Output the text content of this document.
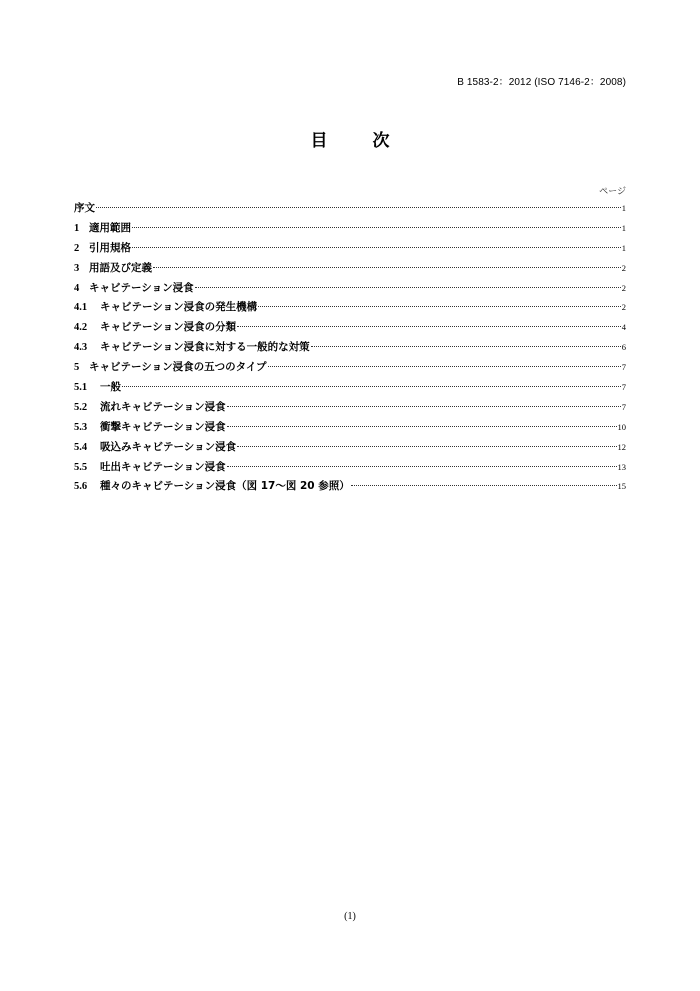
B 1583-2：2012 (ISO 7146-2：2008)
目　次
ページ
序文	1
1 適用範囲	1
2 引用規格	1
3 用語及び定義	2
4 キャビテーション浸食	2
4.1	キャビテーション浸食の発生機構	2
4.2	キャビテーション浸食の分類	4
4.3	キャビテーション浸食に対する一般的な対策	6
5 キャビテーション浸食の五つのタイプ	7
5.1	一般	7
5.2	流れキャビテーション浸食	7
5.3	衝撃キャビテーション浸食	10
5.4	吸込みキャビテーション浸食	12
5.5	吐出キャビテーション浸食	13
5.6	種々のキャビテーション浸食（図 17～図 20 参照）	15
(1)
